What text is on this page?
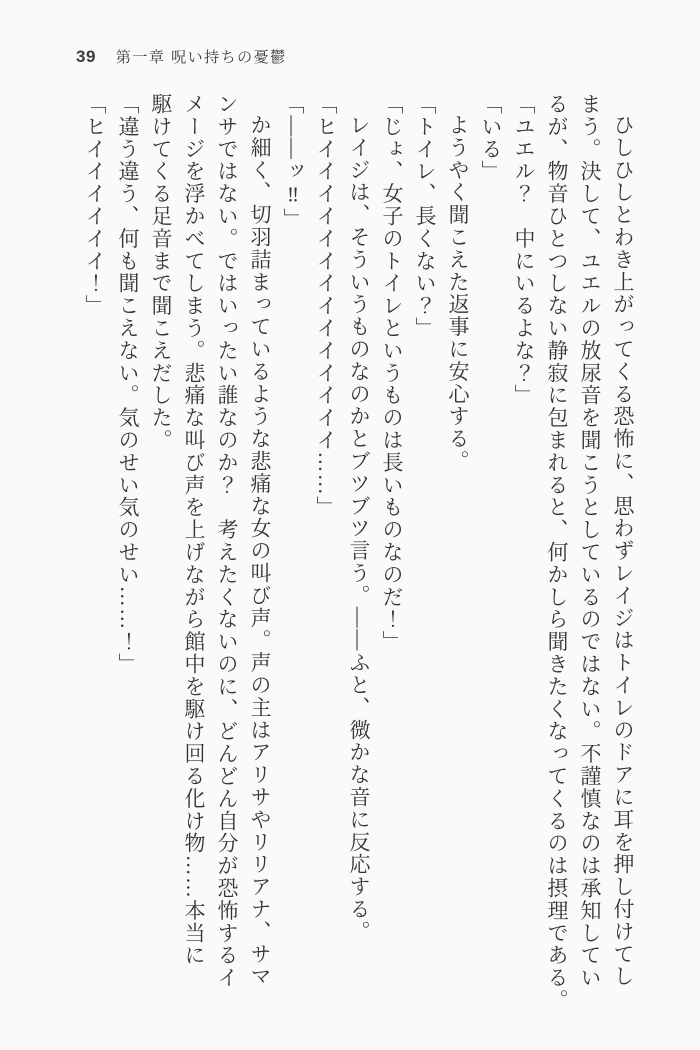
39 第一章 呪い持ちの憂鬱
ひしひしとわき上がってくる恐怖に、思わずレイジはトイレのドアに耳を押し付けてし
まう。決して、ユエルの放尿音を聞こうとしているのではない。不謹慎なのは承知してい
るが、物音ひとつしない静寂に包まれると、何かしら聞きたくなってくるのは摂理である。
「ユエル？　中にいるよな？」
「いる」
ようやく聞こえた返事に安心する。
「トイレ、長くない？」
「じょ、女子のトイレというものは長いものなのだ！」
レイジは、そういうものなのかとブツブツ言う。――ふと、微かな音に反応する。
「ヒイイイイイイイイイイイイイイ……」
「――ッ‼」
か細く、切羽詰まっているような悲痛な女の叫び声。声の主はアリサやリリアナ、サマ
ンサではない。ではいったい誰なのか？　考えたくないのに、どんどん自分が恐怖するイ
メージを浮かべてしまう。悲痛な叫び声を上げながら館中を駆け回る化け物……本当に
駆けてくる足音まで聞こえだした。
「違う違う、何も聞こえない。気のせい気のせい……！」
「ヒイイイイイイ！」
